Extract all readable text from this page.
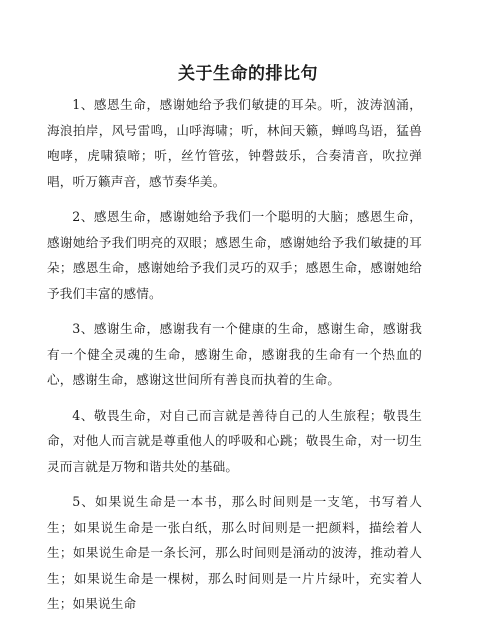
关于生命的排比句

1、感恩生命，感谢她给予我们敏捷的耳朵。听，波涛汹涌，海浪拍岸，风号雷鸣，山呼海啸；听，林间天籁，蝉鸣鸟语，猛兽咆哮，虎啸猿啼；听，丝竹管弦，钟磬鼓乐，合奏清音，吹拉弹唱，听万籁声音，感节奏华美。

2、感恩生命，感谢她给予我们一个聪明的大脑；感恩生命，感谢她给予我们明亮的双眼；感恩生命，感谢她给予我们敏捷的耳朵；感恩生命，感谢她给予我们灵巧的双手；感恩生命，感谢她给予我们丰富的感情。

3、感谢生命，感谢我有一个健康的生命，感谢生命，感谢我有一个健全灵魂的生命，感谢生命，感谢我的生命有一个热血的心，感谢生命，感谢这世间所有善良而执着的生命。

4、敬畏生命，对自己而言就是善待自己的人生旅程；敬畏生命，对他人而言就是尊重他人的呼吸和心跳；敬畏生命，对一切生灵而言就是万物和谐共处的基础。

5、如果说生命是一本书，那么时间则是一支笔，书写着人生；如果说生命是一张白纸，那么时间则是一把颜料，描绘着人生；如果说生命是一条长河，那么时间则是涌动的波涛，推动着人生；如果说生命是一棵树，那么时间则是一片片绿叶，充实着人生；如果说生命
